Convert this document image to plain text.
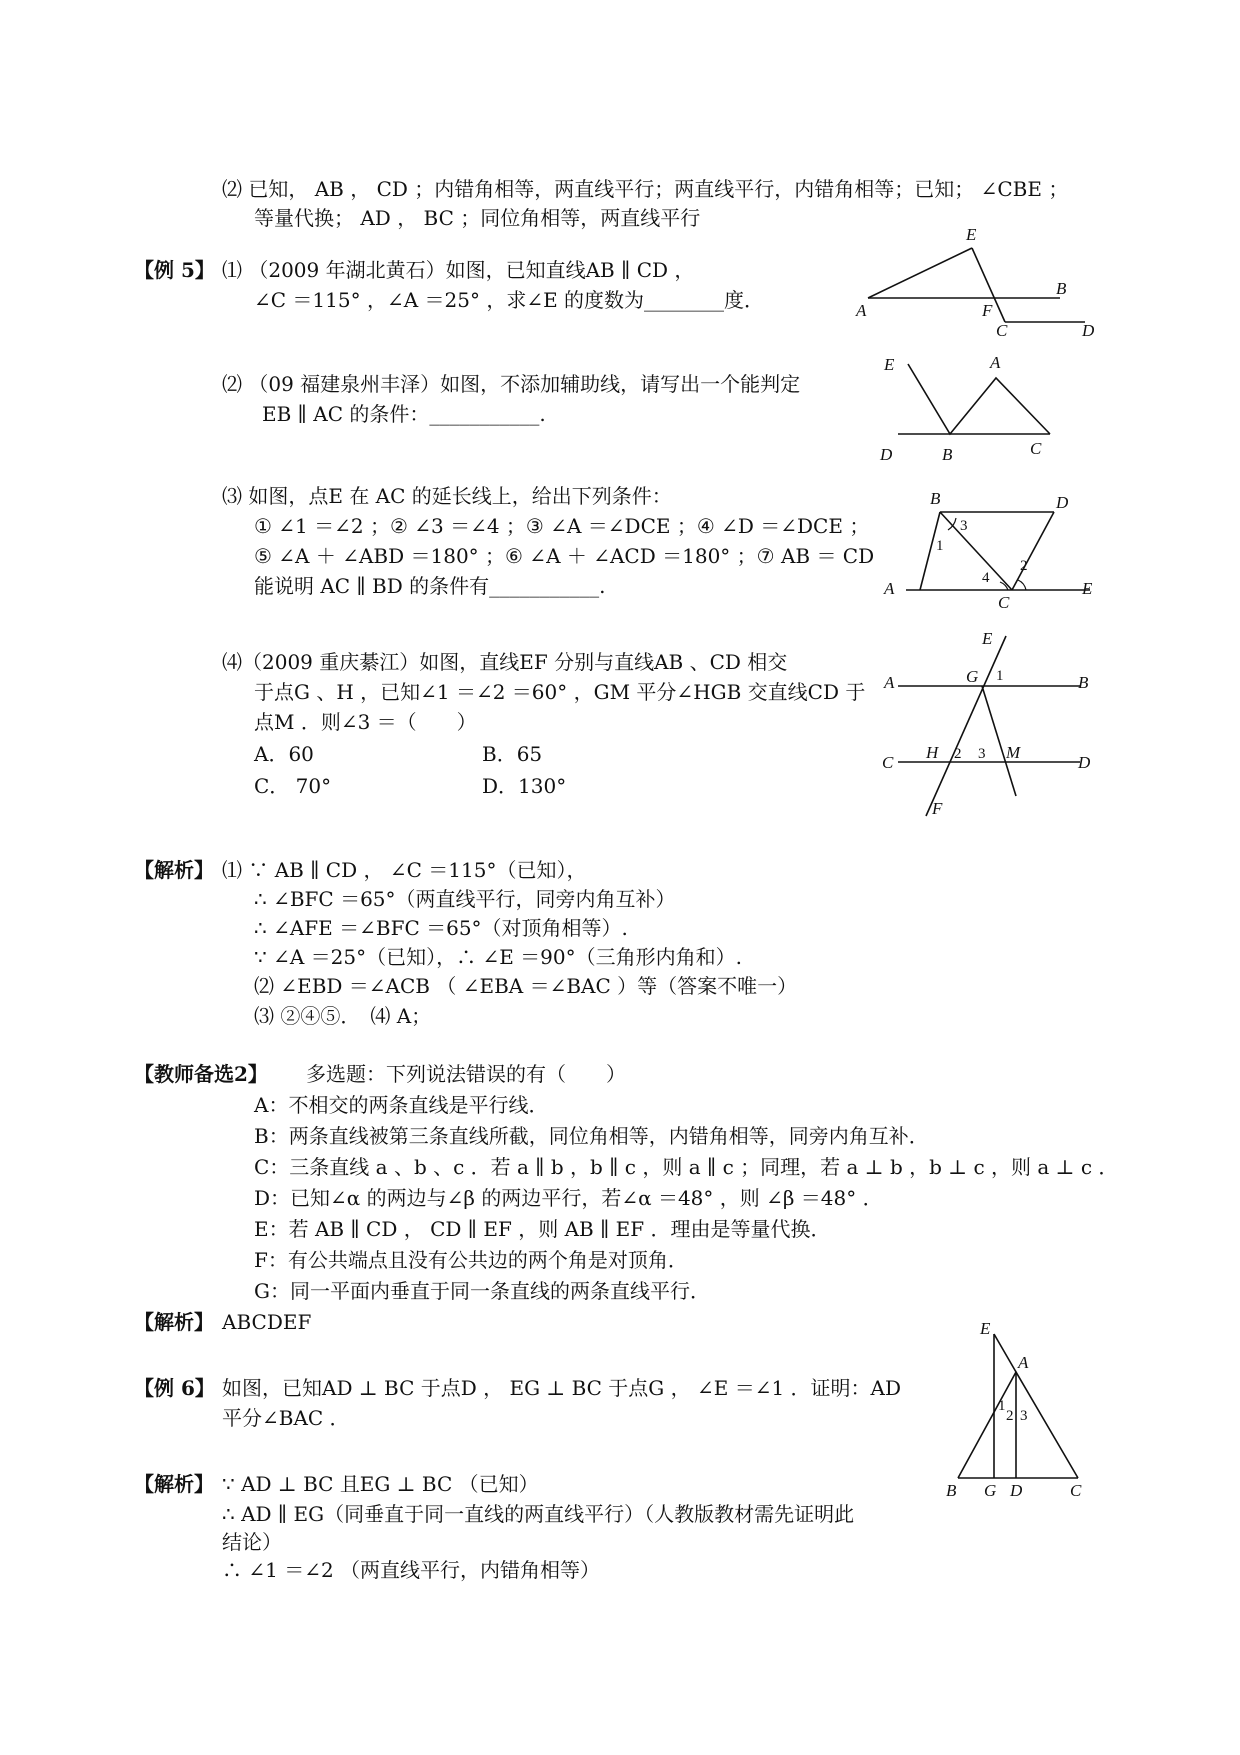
⑵ 已知， AB ， CD ；内错角相等，两直线平行；两直线平行，内错角相等；已知； ∠CBE ；
等量代换； AD ， BC ；同位角相等，两直线平行
【例 5】 ⑴ （2009 年湖北黄石）如图，已知直线AB ∥ CD ，
∠C ＝115° ，∠A ＝25° ，求∠E 的度数为________度．
⑵ （09 福建泉州丰泽）如图，不添加辅助线，请写出一个能判定
EB ∥ AC 的条件：___________.
⑶ 如图，点E 在 AC 的延长线上，给出下列条件：
① ∠1 ＝∠2 ；② ∠3 ＝∠4 ；③ ∠A ＝∠DCE ；④ ∠D ＝∠DCE ；
⑤ ∠A ＋ ∠ABD ＝180° ；⑥ ∠A ＋ ∠ACD ＝180° ；⑦ AB ＝ CD
能说明 AC ∥ BD 的条件有___________.
⑷（2009 重庆綦江）如图，直线EF 分别与直线AB 、CD 相交
于点G 、H ，已知∠1 ＝∠2 ＝60° ，GM 平分∠HGB 交直线CD 于
点M ．则∠3 ＝（　　）
A．60	B．65
C． 70°	D．130°
【解析】 ⑴ ∵ AB ∥ CD ， ∠C ＝115°（已知），
∴ ∠BFC ＝65°（两直线平行，同旁内角互补）
∴ ∠AFE ＝∠BFC ＝65°（对顶角相等）.
∵ ∠A ＝25°（已知），∴ ∠E ＝90°（三角形内角和）.
⑵ ∠EBD ＝∠ACB （ ∠EBA ＝∠BAC ）等（答案不唯一）
⑶ ②④⑤．　⑷ A；
【教师备选2】 多选题：下列说法错误的有（　　）
A：不相交的两条直线是平行线．
B：两条直线被第三条直线所截，同位角相等，内错角相等，同旁内角互补．
C：三条直线 a 、b 、c ．若 a ∥ b ，b ∥ c ，则 a ∥ c ；同理，若 a ⊥ b ，b ⊥ c ，则 a ⊥ c ．
D：已知∠α 的两边与∠β 的两边平行，若∠α ＝48° ，则 ∠β ＝48° ．
E：若 AB ∥ CD ， CD ∥ EF ，则 AB ∥ EF ．理由是等量代换．
F：有公共端点且没有公共边的两个角是对顶角．
G：同一平面内垂直于同一条直线的两条直线平行．
【解析】 ABCDEF
【例 6】 如图，已知AD ⊥ BC 于点D ， EG ⊥ BC 于点G ， ∠E ＝∠1 ．证明：AD
平分∠BAC ．
【解析】 ∵ AD ⊥ BC 且EG ⊥ BC （已知）
∴ AD ∥ EG（同垂直于同一直线的两直线平行）（人教版教材需先证明此
结论）
∴ ∠1 ＝∠2 （两直线平行，内错角相等）
E
A	F
B
C	D
E	A
D	B	C
B	D
A
C
E
1
2
3
4
E
G 1
A	B
H 2 3 M
C	D
F
E
A
1
2 3
B G D	C
